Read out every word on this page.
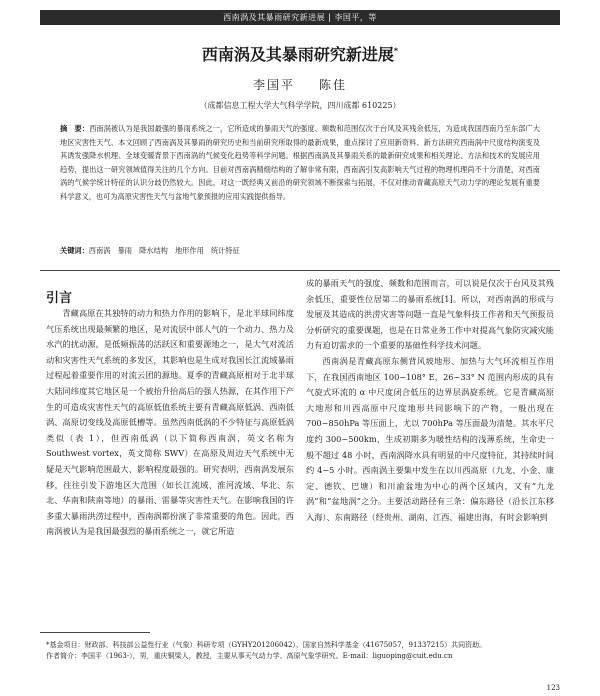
西南涡及其暴雨研究新进展 | 李国平，等
西南涡及其暴雨研究新进展*
李国平 陈佳
（成都信息工程大学大气科学学院，四川成都 610225）
摘　要：西南涡被认为是我国最强的暴雨系统之一，它所造成的暴雨天气的强度、频数和范围仅次于台风及其残余低压，为造成我国西南乃至东部广大地区灾害性天气、本文回顾了西南涡及其暴雨的研究历史和当前研究所取得的最新成果，重点探讨了应用新资料、新方法研究西南涡中尺度结构演变及其诱发强降水机理、全球变暖背景下西南涡的气候变化趋势等科学问题。根据西南涡及其暴雨关系的最新研究成果和相关理论、方法和技术的发展应用趋势，提出这一研究领域值得关注的几个方向。目前对西南涡精细结构的了解非常有限，西南涡引发高影响天气过程的物理机理尚不十分清楚，对西南涡的气候学统计特征的认识分歧仍然较大。因此，对这一既经典又前沿的研究领域不断探索与拓展，不仅对推动青藏高原天气动力学的理论发展有重要科学意义，也可为高原灾害性天气与盆地气象预报的应用实践提供指导。
关键词：西南涡　暴雨　降水结构　地形作用　统计特征
引言

青藏高原在其独特的动力和热力作用的影响下，是北半球同纬度气压系统出现最频繁的地区，是对流层中部人气的一个动力、热力及水汽的扰动源，是低频振荡的活跃区和重要源地之一，是大气对流活动和灾害性天气系统的多发区，其影响也是生成对我国长江流域暴雨过程起着重要作用的对流云团的源地。夏季的青藏高原相对于北半球大陆同纬度其它地区是一个被抬升抬高后的强人热源，在其作用下产生的可造成灾害性天气的高原低值系统主要有青藏高原低涡、西南低涡、高原切变线及高原低槽等。虽然西南低涡的不少特征与高原低涡类似（表 1），但西南低涡（以下简称西南涡，英文名称为 Southwest vortex，英文简称 SWV）在高原及周边天气系统中无疑是天气影响范围最大、影响程度最强的。研究表明，西南涡发展东移，往往引发下游地区大范围（如长江流域、淮河流域、华北、东北、华南和陕南等地）的暴雨、雷暴等灾害性天气。在影响我国的许多重大暴雨洪涝过程中，西南涡都扮演了非常重要的角色。因此，西南涡被认为是我国最强烈的暴雨系统之一，就它所造

成的暴雨天气的强度、频数和范围而言，可以说是仅次于台风及其残余低压，重要性位居第二的暴雨系统[1]。所以，对西南涡的形成与发展及其造成的洪涝灾害等问题一直是气象科技工作者和天气预报员分析研究的重要课题，也是在日常业务工作中对提高气象防灾减灾能力有迫切需求的一个重要的基础性科学技术问题。

西南涡是青藏高原东侧背风坡地形、加热与大气环流相互作用下，在我国西南地区 100~108° E，26~33° N 范围内形成的具有气旋式环流的 α 中尺度闭合低压的边界层涡旋系统。它是青藏高原大地形和川西高原中尺度地形共同影响下的产物，一般出现在 700~850hPa 等压面上，尤以 700hPa 等压面最为清楚。其水平尺度约 300~500km，生成初期多为暖性结构的浅薄系统，生命史一般不超过 48 小时，西南涡降水具有明显的中尺度特征，其持续时间约 4~5 小时。西南涡主要集中发生在以川西高原（九龙、小金、康定、德钦、巴塘）和川渝盆地为中心的两个区域内，又有“九龙涡”和“盆地涡”之分。主要活动路径有三条：偏东路径（沿长江东移入海）、东南路径（经贵州、湖南、江西、福建出海，有时会影响到

*基金项目：财政部、科技部公益性行业（气象）科研专项（GYHY201206042）、国家自然科学基金（41675057，91337215）共同资助。
作者简介：李国平（1963-），男，重庆铜梁人，教授，主要从事天气动力学、高原气象学研究。E-mail：liguoping@cuit.edu.cn
123
